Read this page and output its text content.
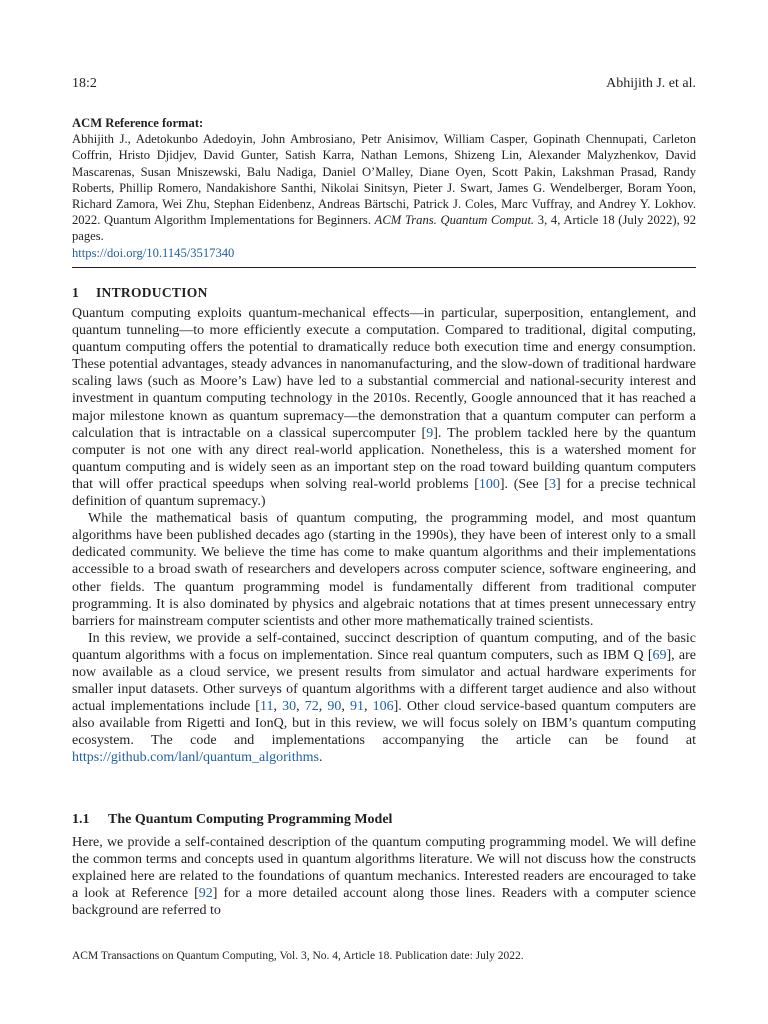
18:2	Abhijith J. et al.
ACM Reference format:
Abhijith J., Adetokunbo Adedoyin, John Ambrosiano, Petr Anisimov, William Casper, Gopinath Chennupati, Carleton Coffrin, Hristo Djidjev, David Gunter, Satish Karra, Nathan Lemons, Shizeng Lin, Alexander Malyzhenkov, David Mascarenas, Susan Mniszewski, Balu Nadiga, Daniel O’Malley, Diane Oyen, Scott Pakin, Lakshman Prasad, Randy Roberts, Phillip Romero, Nandakishore Santhi, Nikolai Sinitsyn, Pieter J. Swart, James G. Wendelberger, Boram Yoon, Richard Zamora, Wei Zhu, Stephan Eidenbenz, Andreas Bärtschi, Patrick J. Coles, Marc Vuffray, and Andrey Y. Lokhov. 2022. Quantum Algorithm Implementations for Beginners. ACM Trans. Quantum Comput. 3, 4, Article 18 (July 2022), 92 pages.
https://doi.org/10.1145/3517340
1 INTRODUCTION

Quantum computing exploits quantum-mechanical effects—in particular, superposition, entanglement, and quantum tunneling—to more efficiently execute a computation. Compared to traditional, digital computing, quantum computing offers the potential to dramatically reduce both execution time and energy consumption. These potential advantages, steady advances in nanomanufacturing, and the slow-down of traditional hardware scaling laws (such as Moore’s Law) have led to a substantial commercial and national-security interest and investment in quantum computing technology in the 2010s. Recently, Google announced that it has reached a major milestone known as quantum supremacy—the demonstration that a quantum computer can perform a calculation that is intractable on a classical supercomputer [9]. The problem tackled here by the quantum computer is not one with any direct real-world application. Nonetheless, this is a watershed moment for quantum computing and is widely seen as an important step on the road toward building quantum computers that will offer practical speedups when solving real-world problems [100]. (See [3] for a precise technical definition of quantum supremacy.)

While the mathematical basis of quantum computing, the programming model, and most quantum algorithms have been published decades ago (starting in the 1990s), they have been of interest only to a small dedicated community. We believe the time has come to make quantum algorithms and their implementations accessible to a broad swath of researchers and developers across computer science, software engineering, and other fields. The quantum programming model is fundamentally different from traditional computer programming. It is also dominated by physics and algebraic notations that at times present unnecessary entry barriers for mainstream computer scientists and other more mathematically trained scientists.

In this review, we provide a self-contained, succinct description of quantum computing, and of the basic quantum algorithms with a focus on implementation. Since real quantum computers, such as IBM Q [69], are now available as a cloud service, we present results from simulator and actual hardware experiments for smaller input datasets. Other surveys of quantum algorithms with a different target audience and also without actual implementations include [11, 30, 72, 90, 91, 106]. Other cloud service-based quantum computers are also available from Rigetti and IonQ, but in this review, we will focus solely on IBM’s quantum computing ecosystem. The code and implementations accompanying the article can be found at https://github.com/lanl/quantum_algorithms.

1.1 The Quantum Computing Programming Model

Here, we provide a self-contained description of the quantum computing programming model. We will define the common terms and concepts used in quantum algorithms literature. We will not discuss how the constructs explained here are related to the foundations of quantum mechanics. Interested readers are encouraged to take a look at Reference [92] for a more detailed account along those lines. Readers with a computer science background are referred to

ACM Transactions on Quantum Computing, Vol. 3, No. 4, Article 18. Publication date: July 2022.
